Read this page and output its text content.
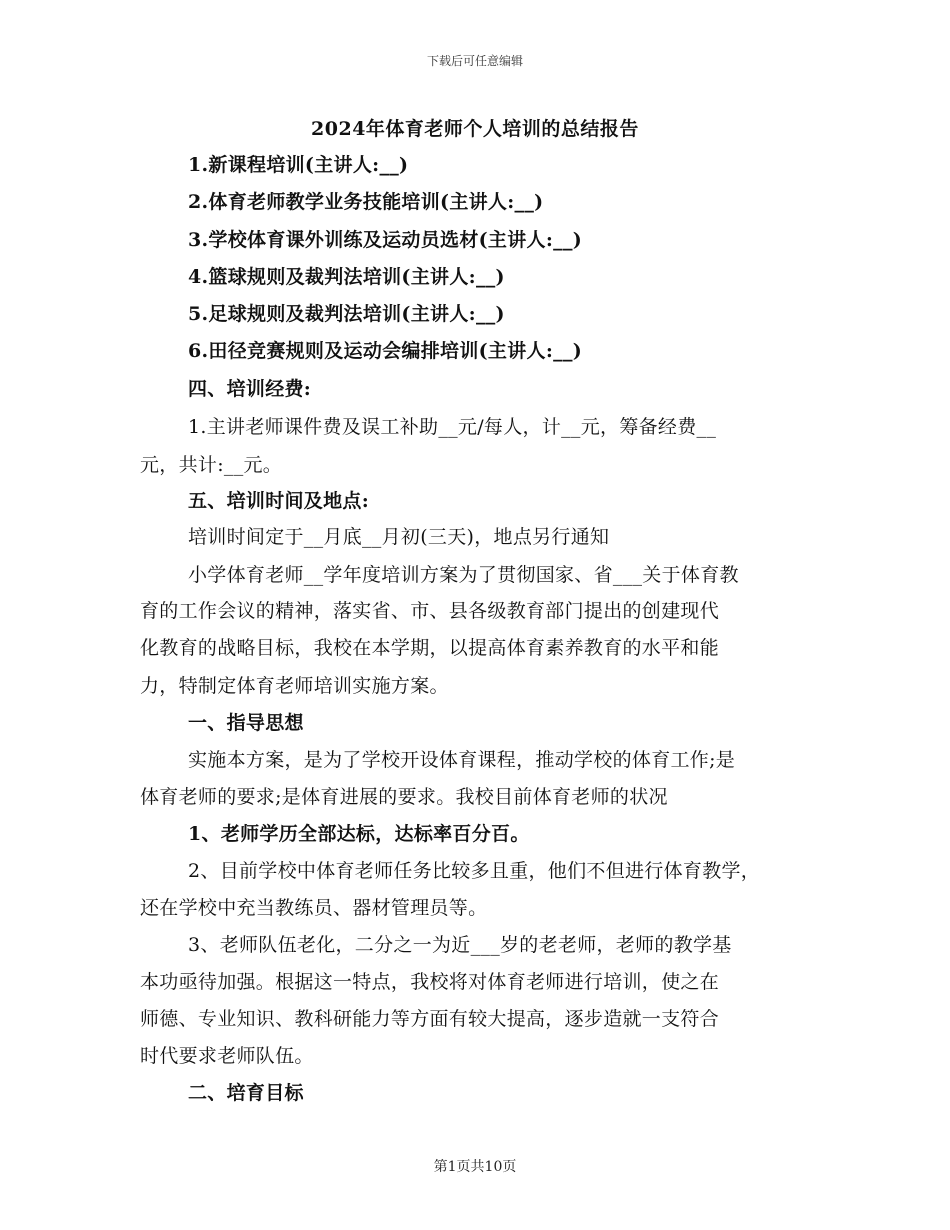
下载后可任意编辑
2024年体育老师个人培训的总结报告
1.新课程培训(主讲人:__)
2.体育老师教学业务技能培训(主讲人:__)
3.学校体育课外训练及运动员选材(主讲人:__)
4.篮球规则及裁判法培训(主讲人:__)
5.足球规则及裁判法培训(主讲人:__)
6.田径竞赛规则及运动会编排培训(主讲人:__)
四、培训经费:
1.主讲老师课件费及误工补助__元/每人，计__元，筹备经费__
元，共计:__元。
五、培训时间及地点:
培训时间定于__月底__月初(三天)，地点另行通知
小学体育老师__学年度培训方案为了贯彻国家、省___关于体育教
育的工作会议的精神，落实省、市、县各级教育部门提出的创建现代
化教育的战略目标，我校在本学期，以提高体育素养教育的水平和能
力，特制定体育老师培训实施方案。
一、指导思想
实施本方案，是为了学校开设体育课程，推动学校的体育工作;是
体育老师的要求;是体育进展的要求。我校目前体育老师的状况
1、老师学历全部达标，达标率百分百。
2、目前学校中体育老师任务比较多且重，他们不但进行体育教学，
还在学校中充当教练员、器材管理员等。
3、老师队伍老化，二分之一为近___岁的老老师，老师的教学基
本功亟待加强。根据这一特点，我校将对体育老师进行培训，使之在
师德、专业知识、教科研能力等方面有较大提高，逐步造就一支符合
时代要求老师队伍。
二、培育目标
第1页共10页
